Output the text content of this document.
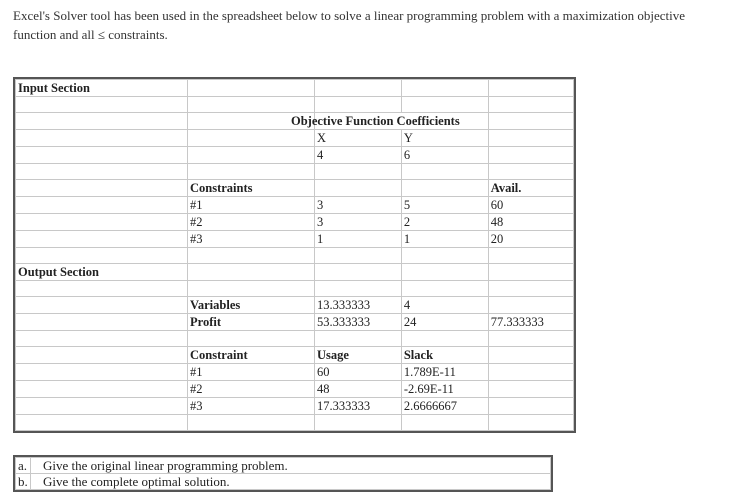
Excel's Solver tool has been used in the spreadsheet below to solve a linear programming problem with a maximization objective function and all ≤ constraints.
Input Section				

		Objective Function Coefficients		
		X	Y	
		4	6	

	Constraints			Avail.
	#1	3	5	60
	#2	3	2	48
	#3	1	1	20

Output Section				

	Variables	13.333333	4	
	Profit	53.333333	24	77.333333

	Constraint	Usage	Slack	
	#1	60	1.789E-11	
	#2	48	-2.69E-11	
	#3	17.333333	2.6666667	

a.	Give the original linear programming problem.
b.	Give the complete optimal solution.
